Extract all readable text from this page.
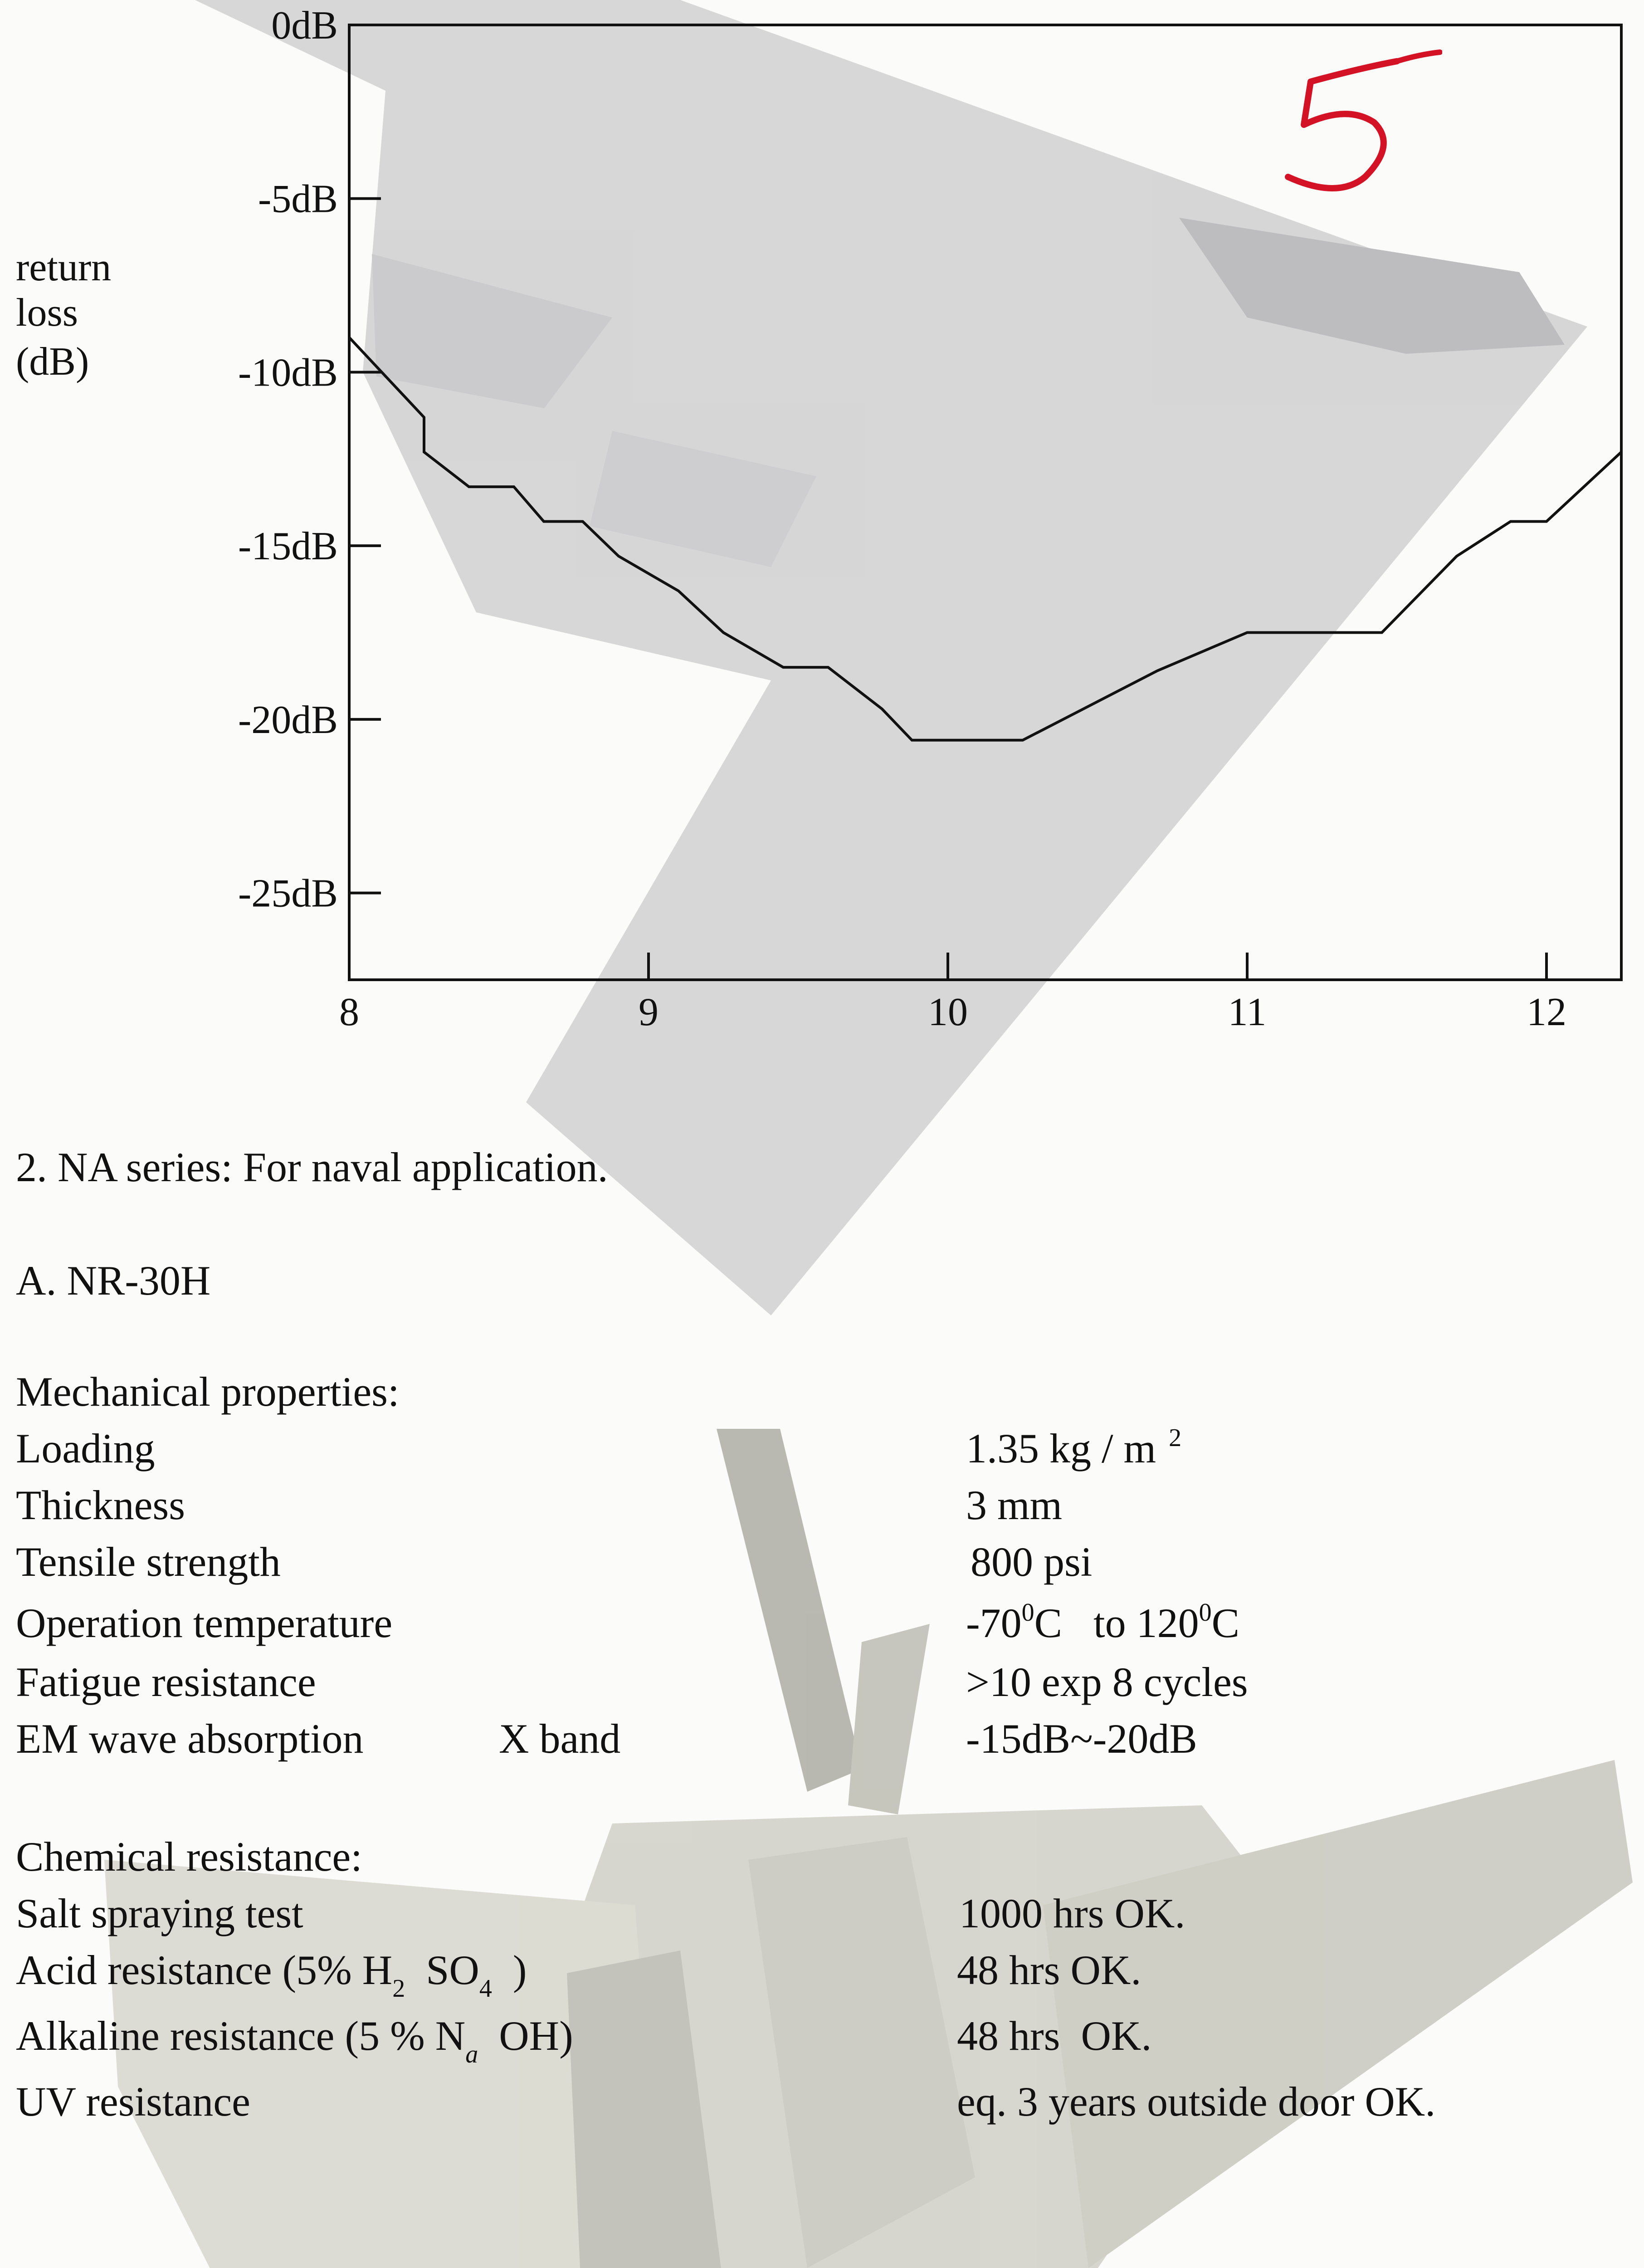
0dB
-5dB
-10dB
-15dB
-20dB
-25dB
8	9	10	11	12
return
loss
(dB)
2. NA series: For naval application.
A. NR-30H
Mechanical properties:
Loading	1.35 kg / m $^2$
Thickness	3 mm
Tensile strength	800 psi
Operation temperature	$-70^0C$   to $120^0C$
Fatigue resistance	>10 exp 8 cycles
EM wave absorption	X band	-15dB~-20dB
Chemical resistance:
Salt spraying test	1000 hrs OK.
Acid resistance (5% $H_2$  $SO_4$  )	48 hrs OK.
Alkaline resistance (5 % $N_a$  OH)	48 hrs  OK.
UV resistance	eq. 3 years outside door OK.
